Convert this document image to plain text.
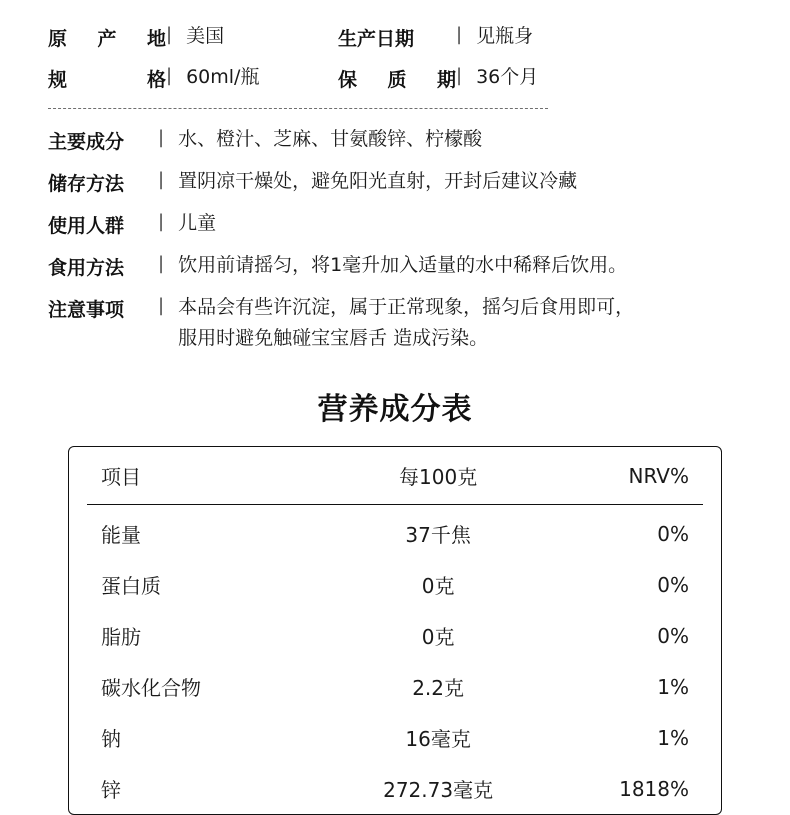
原 产 地 | 美国	生产日期	| 见瓶身
规	格 | 60ml/瓶	保 质 期 | 36个月
主要成分	| 水、橙汁、芝麻、甘氨酸锌、柠檬酸
储存方法	| 置阴凉干燥处，避免阳光直射，开封后建议冷藏
使用人群	| 儿童
食用方法	| 饮用前请摇匀，将1毫升加入适量的水中稀释后饮用。
注意事项	| 本品会有些许沉淀，属于正常现象，摇匀后食用即可，
服用时避免触碰宝宝唇舌 造成污染。
营养成分表
项目	每100克	NRV%
能量	37千焦	0%
蛋白质	0克	0%
脂肪	0克	0%
碳水化合物	2.2克	1%
钠	16毫克	1%
锌	272.73毫克	1818%
